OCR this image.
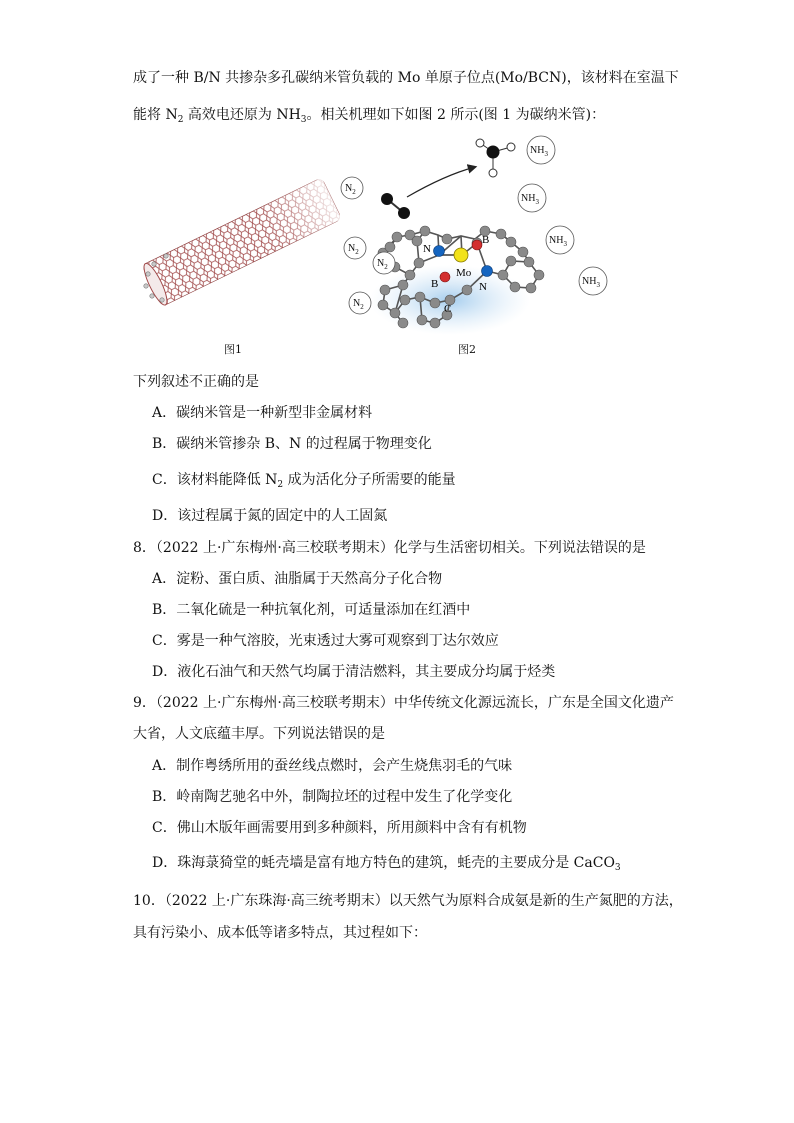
成了一种 B/N 共掺杂多孔碳纳米管负载的 Mo 单原子位点(Mo/BCN)，该材料在室温下
能将 $N_2$ 高效电还原为 $NH_3$。相关机理如下如图 2 所示(图 1 为碳纳米管)：
图1
N
B
Mo
N
B
C
$N_2$
$N_2$
$N_2$
$N_2$
$NH_3$
$NH_3$
$NH_3$
$NH_3$
图2
下列叙述不正确的是
A．碳纳米管是一种新型非金属材料
B．碳纳米管掺杂 B、N 的过程属于物理变化
C．该材料能降低 $N_2$ 成为活化分子所需要的能量
D．该过程属于氮的固定中的人工固氮
8．（2022 上·广东梅州·高三校联考期末）化学与生活密切相关。下列说法错误的是
A．淀粉、蛋白质、油脂属于天然高分子化合物
B．二氧化硫是一种抗氧化剂，可适量添加在红酒中
C．雾是一种气溶胶，光束透过大雾可观察到丁达尔效应
D．液化石油气和天然气均属于清洁燃料，其主要成分均属于烃类
9．（2022 上·广东梅州·高三校联考期末）中华传统文化源远流长，广东是全国文化遗产
大省，人文底蕴丰厚。下列说法错误的是
A．制作粤绣所用的蚕丝线点燃时，会产生烧焦羽毛的气味
B．岭南陶艺驰名中外，制陶拉坯的过程中发生了化学变化
C．佛山木版年画需要用到多种颜料，所用颜料中含有有机物
D．珠海菉猗堂的蚝壳墙是富有地方特色的建筑，蚝壳的主要成分是 CaCO$_3$
10．（2022 上·广东珠海·高三统考期末）以天然气为原料合成氨是新的生产氮肥的方法，
具有污染小、成本低等诸多特点，其过程如下：
